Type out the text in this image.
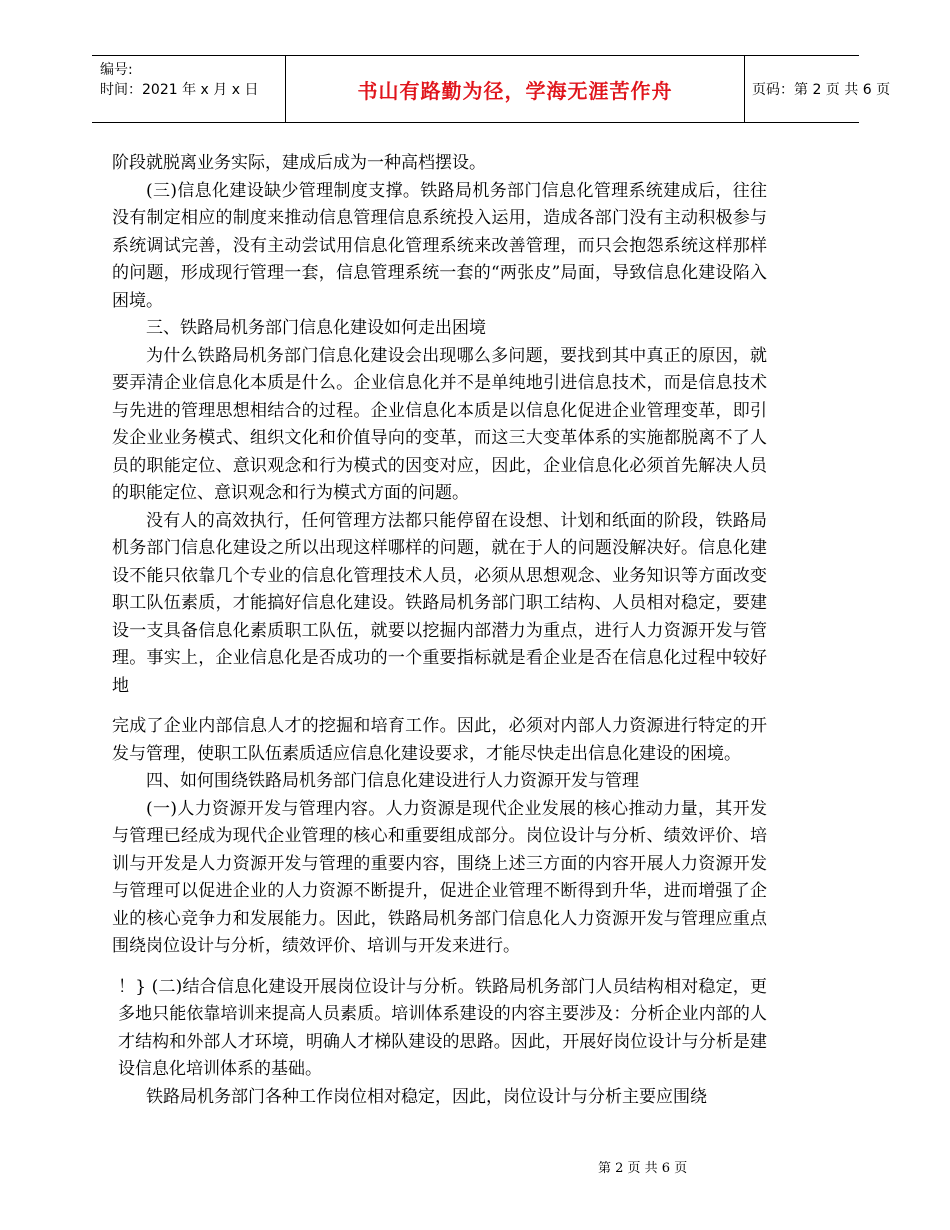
编号:
时间：2021 年 x 月 x 日	书山有路勤为径，学海无涯苦作舟	页码：第 2 页 共 6 页

阶段就脱离业务实际，建成后成为一种高档摆设。

(三)信息化建设缺少管理制度支撑。铁路局机务部门信息化管理系统建成后，往往没有制定相应的制度来推动信息管理信息系统投入运用，造成各部门没有主动积极参与系统调试完善，没有主动尝试用信息化管理系统来改善管理，而只会抱怨系统这样那样的问题，形成现行管理一套，信息管理系统一套的“两张皮”局面，导致信息化建设陷入困境。

三、铁路局机务部门信息化建设如何走出困境

为什么铁路局机务部门信息化建设会出现哪么多问题，要找到其中真正的原因，就要弄清企业信息化本质是什么。企业信息化并不是单纯地引进信息技术，而是信息技术与先进的管理思想相结合的过程。企业信息化本质是以信息化促进企业管理变革，即引发企业业务模式、组织文化和价值导向的变革，而这三大变革体系的实施都脱离不了人员的职能定位、意识观念和行为模式的因变对应，因此，企业信息化必须首先解决人员的职能定位、意识观念和行为模式方面的问题。

没有人的高效执行，任何管理方法都只能停留在设想、计划和纸面的阶段，铁路局机务部门信息化建设之所以出现这样哪样的问题，就在于人的问题没解决好。信息化建设不能只依靠几个专业的信息化管理技术人员，必须从思想观念、业务知识等方面改变职工队伍素质，才能搞好信息化建设。铁路局机务部门职工结构、人员相对稳定，要建设一支具备信息化素质职工队伍，就要以挖掘内部潜力为重点，进行人力资源开发与管理。事实上，企业信息化是否成功的一个重要指标就是看企业是否在信息化过程中较好地

完成了企业内部信息人才的挖掘和培育工作。因此，必须对内部人力资源进行特定的开发与管理，使职工队伍素质适应信息化建设要求，才能尽快走出信息化建设的困境。

四、如何围绕铁路局机务部门信息化建设进行人力资源开发与管理

(一)人力资源开发与管理内容。人力资源是现代企业发展的核心推动力量，其开发与管理已经成为现代企业管理的核心和重要组成部分。岗位设计与分析、绩效评价、培训与开发是人力资源开发与管理的重要内容，围绕上述三方面的内容开展人力资源开发与管理可以促进企业的人力资源不断提升，促进企业管理不断得到升华，进而增强了企业的核心竞争力和发展能力。因此，铁路局机务部门信息化人力资源开发与管理应重点围绕岗位设计与分析，绩效评价、培训与开发来进行。

！} (二)结合信息化建设开展岗位设计与分析。铁路局机务部门人员结构相对稳定，更多地只能依靠培训来提高人员素质。培训体系建设的内容主要涉及：分析企业内部的人才结构和外部人才环境，明确人才梯队建设的思路。因此，开展好岗位设计与分析是建设信息化培训体系的基础。

铁路局机务部门各种工作岗位相对稳定，因此，岗位设计与分析主要应围绕

第 2 页 共 6 页
